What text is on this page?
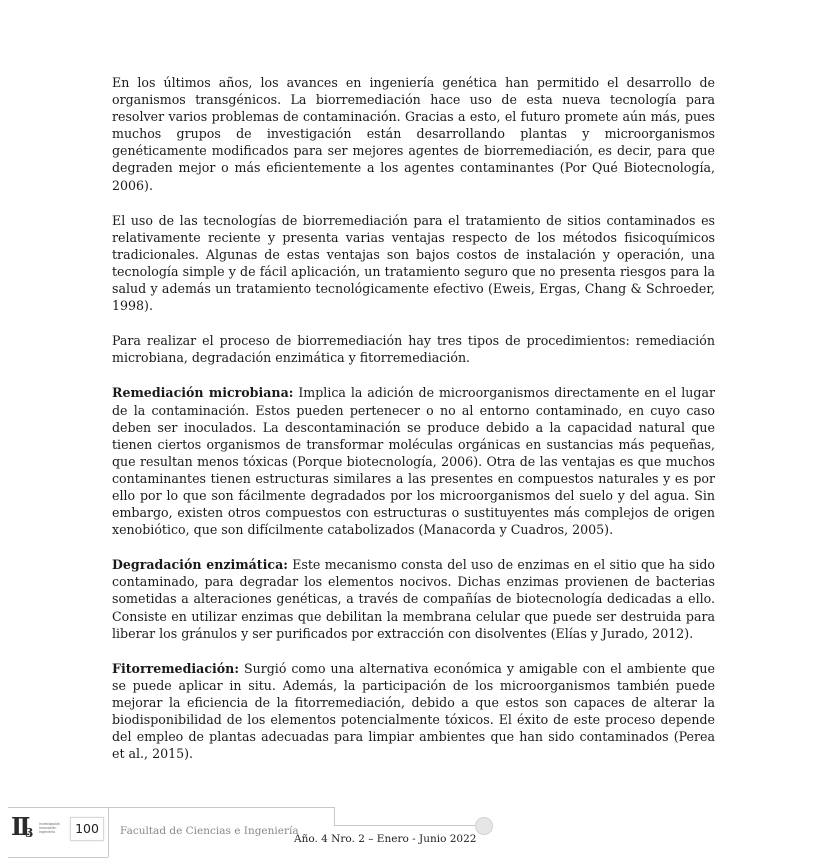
En los últimos años, los avances en ingeniería genética han permitido el desarrollo de organismos transgénicos. La biorremediación hace uso de esta nueva tecnología para resolver varios problemas de contaminación. Gracias a esto, el futuro promete aún más, pues muchos grupos de investigación están desarrollando plantas y microorganismos genéticamente modificados para ser mejores agentes de biorremediación, es decir, para que degraden mejor o más eficientemente a los agentes contaminantes (Por Qué Biotecnología, 2006).

El uso de las tecnologías de biorremediación para el tratamiento de sitios contaminados es relativamente reciente y presenta varias ventajas respecto de los métodos fisicoquímicos tradicionales. Algunas de estas ventajas son bajos costos de instalación y operación, una tecnología simple y de fácil aplicación, un tratamiento seguro que no presenta riesgos para la salud y además un tratamiento tecnológicamente efectivo (Eweis, Ergas, Chang & Schroeder, 1998).

Para realizar el proceso de biorremediación hay tres tipos de procedimientos: remediación microbiana, degradación enzimática y fitorremediación.

Remediación microbiana: Implica la adición de microorganismos directamente en el lugar de la contaminación. Estos pueden pertenecer o no al entorno contaminado, en cuyo caso deben ser inoculados. La descontaminación se produce debido a la capacidad natural que tienen ciertos organismos de transformar moléculas orgánicas en sustancias más pequeñas, que resultan menos tóxicas (Porque biotecnología, 2006). Otra de las ventajas es que muchos contaminantes tienen estructuras similares a las presentes en compuestos naturales y es por ello por lo que son fácilmente degradados por los microorganismos del suelo y del agua. Sin embargo, existen otros compuestos con estructuras o sustituyentes más complejos de origen xenobiótico, que son difícilmente catabolizados (Manacorda y Cuadros, 2005).

Degradación enzimática: Este mecanismo consta del uso de enzimas en el sitio que ha sido contaminado, para degradar los elementos nocivos. Dichas enzimas provienen de bacterias sometidas a alteraciones genéticas, a través de compañías de biotecnología dedicadas a ello. Consiste en utilizar enzimas que debilitan la membrana celular que puede ser destruida para liberar los gránulos y ser purificados por extracción con disolventes (Elías y Jurado, 2012).

Fitorremediación: Surgió como una alternativa económica y amigable con el ambiente que se puede aplicar in situ. Además, la participación de los microorganismos también puede mejorar la eficiencia de la fitorremediación, debido a que estos son capaces de alterar la biodisponibilidad de los elementos potencialmente tóxicos. El éxito de este proceso depende del empleo de plantas adecuadas para limpiar ambientes que han sido contaminados (Perea et al., 2015).

II
3
Investigación Innovación Ingeniería	100	Facultad de Ciencias e Ingeniería
Año. 4 Nro. 2 – Enero - Junio 2022
